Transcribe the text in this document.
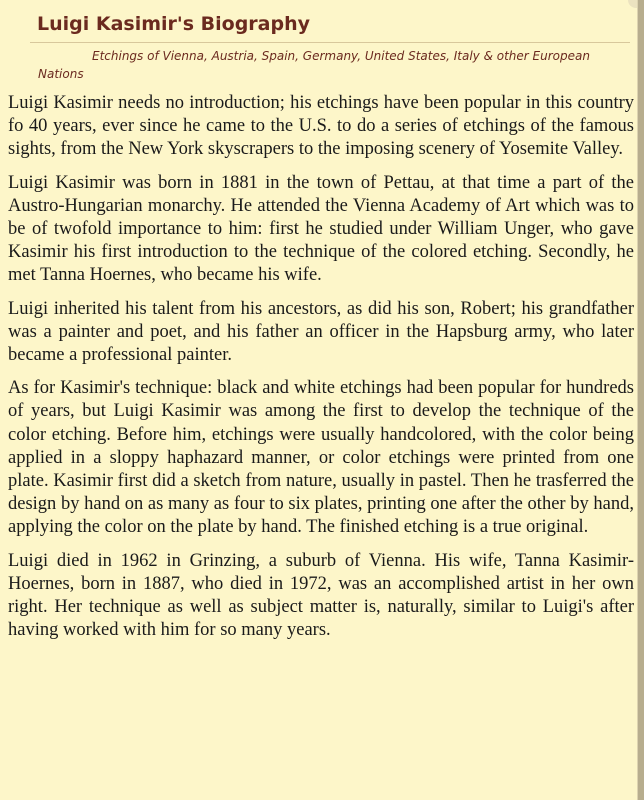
Luigi Kasimir's Biography

Etchings of Vienna, Austria, Spain, Germany, United States, Italy & other European Nations

Luigi Kasimir needs no introduction; his etchings have been popular in this country fo 40 years, ever since he came to the U.S. to do a series of etchings of the famous sights, from the New York skyscrapers to the imposing scenery of Yosemite Valley.

Luigi Kasimir was born in 1881 in the town of Pettau, at that time a part of the Austro-Hungarian monarchy. He attended the Vienna Academy of Art which was to be of twofold importance to him: first he studied under William Unger, who gave Kasimir his first introduction to the technique of the colored etching. Secondly, he met Tanna Hoernes, who became his wife.

Luigi inherited his talent from his ancestors, as did his son, Robert; his grandfather was a painter and poet, and his father an officer in the Hapsburg army, who later became a professional painter.

As for Kasimir's technique: black and white etchings had been popular for hundreds of years, but Luigi Kasimir was among the first to develop the technique of the color etching. Before him, etchings were usually handcolored, with the color being applied in a sloppy haphazard manner, or color etchings were printed from one plate. Kasimir first did a sketch from nature, usually in pastel. Then he trasferred the design by hand on as many as four to six plates, printing one after the other by hand, applying the color on the plate by hand. The finished etching is a true original.

Luigi died in 1962 in Grinzing, a suburb of Vienna. His wife, Tanna Kasimir-Hoernes, born in 1887, who died in 1972, was an accomplished artist in her own right. Her technique as well as subject matter is, naturally, similar to Luigi's after having worked with him for so many years.
